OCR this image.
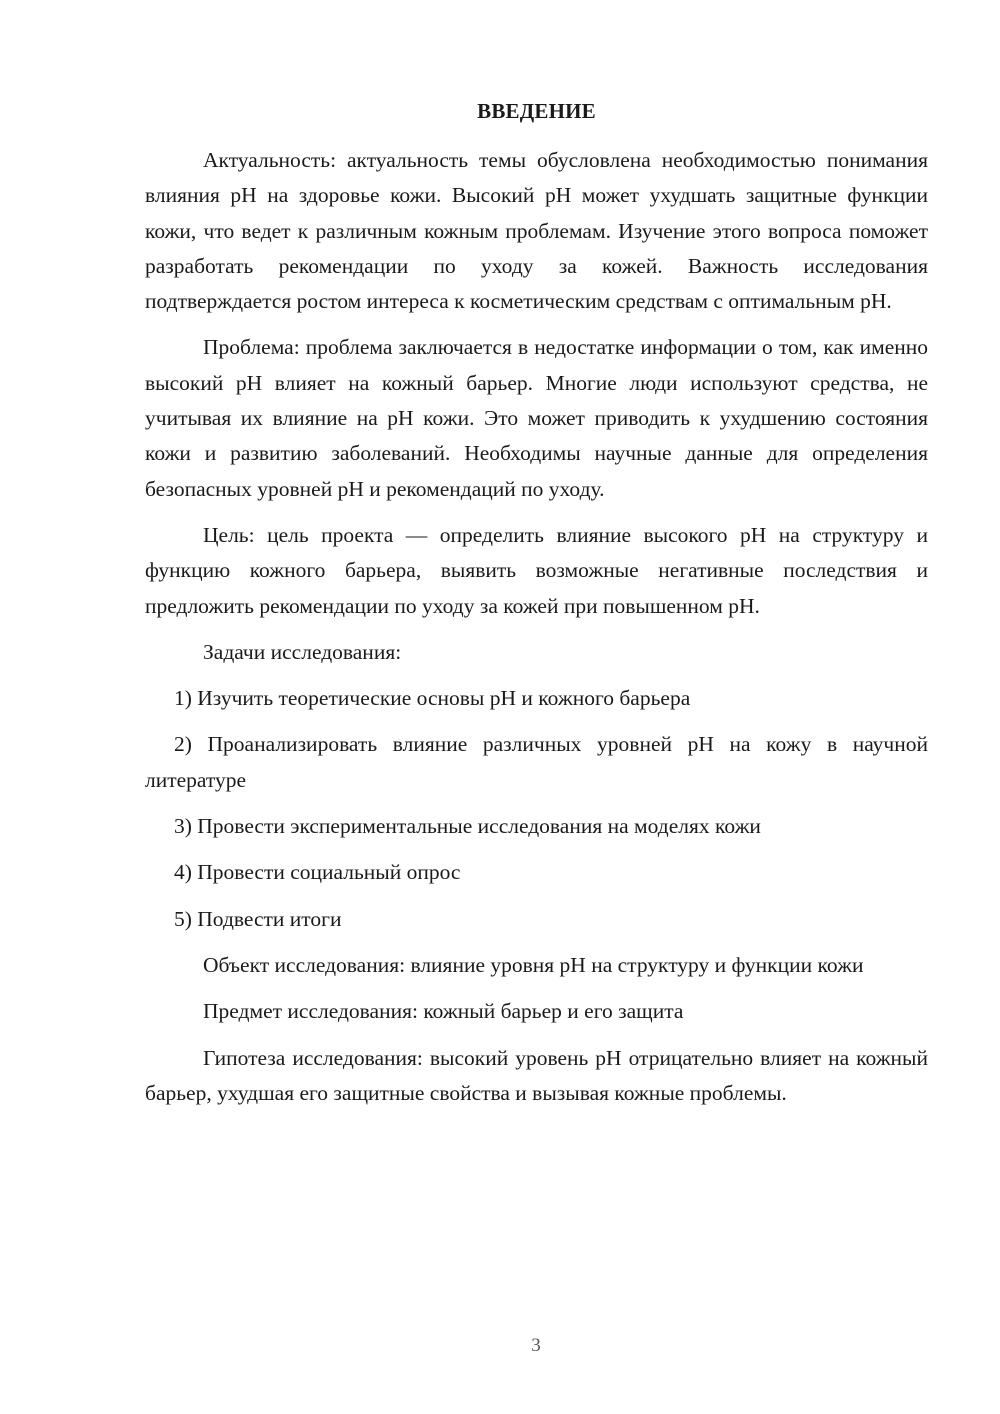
ВВЕДЕНИЕ

Актуальность: актуальность темы обусловлена необходимостью понимания влияния pH на здоровье кожи. Высокий pH может ухудшать защитные функции кожи, что ведет к различным кожным проблемам. Изучение этого вопроса поможет разработать рекомендации по уходу за кожей. Важность исследования подтверждается ростом интереса к косметическим средствам с оптимальным pH.

Проблема: проблема заключается в недостатке информации о том, как именно высокий pH влияет на кожный барьер. Многие люди используют средства, не учитывая их влияние на pH кожи. Это может приводить к ухудшению состояния кожи и развитию заболеваний. Необходимы научные данные для определения безопасных уровней pH и рекомендаций по уходу.

Цель: цель проекта — определить влияние высокого pH на структуру и функцию кожного барьера, выявить возможные негативные последствия и предложить рекомендации по уходу за кожей при повышенном pH.

Задачи исследования:

1) Изучить теоретические основы pH и кожного барьера

2) Проанализировать влияние различных уровней pH на кожу в научной литературе

3) Провести экспериментальные исследования на моделях кожи

4) Провести социальный опрос

5) Подвести итоги

Объект исследования: влияние уровня pH на структуру и функции кожи

Предмет исследования: кожный барьер и его защита

Гипотеза исследования: высокий уровень pH отрицательно влияет на кожный барьер, ухудшая его защитные свойства и вызывая кожные проблемы.

3
